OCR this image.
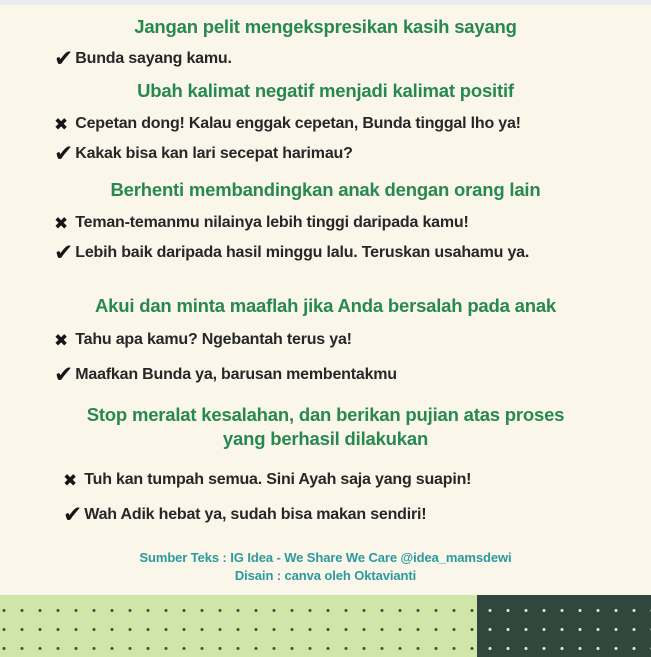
Jangan pelit mengekspresikan kasih sayang
✔ Bunda sayang kamu.
Ubah kalimat negatif menjadi kalimat positif
✖ Cepetan dong! Kalau enggak cepetan, Bunda tinggal lho ya!
✔ Kakak bisa kan lari secepat harimau?
Berhenti membandingkan anak dengan orang lain
✖ Teman-temanmu nilainya lebih tinggi daripada kamu!
✔ Lebih baik daripada hasil minggu lalu. Teruskan usahamu ya.
Akui dan minta maaflah jika Anda bersalah pada anak
✖ Tahu apa kamu? Ngebantah terus ya!
✔ Maafkan Bunda ya, barusan membentakmu
Stop meralat kesalahan, dan berikan pujian atas proses
yang berhasil dilakukan
✖ Tuh kan tumpah semua. Sini Ayah saja yang suapin!
✔ Wah Adik hebat ya, sudah bisa makan sendiri!
Sumber Teks : IG Idea - We Share We Care @idea_mamsdewi
Disain : canva oleh Oktavianti
